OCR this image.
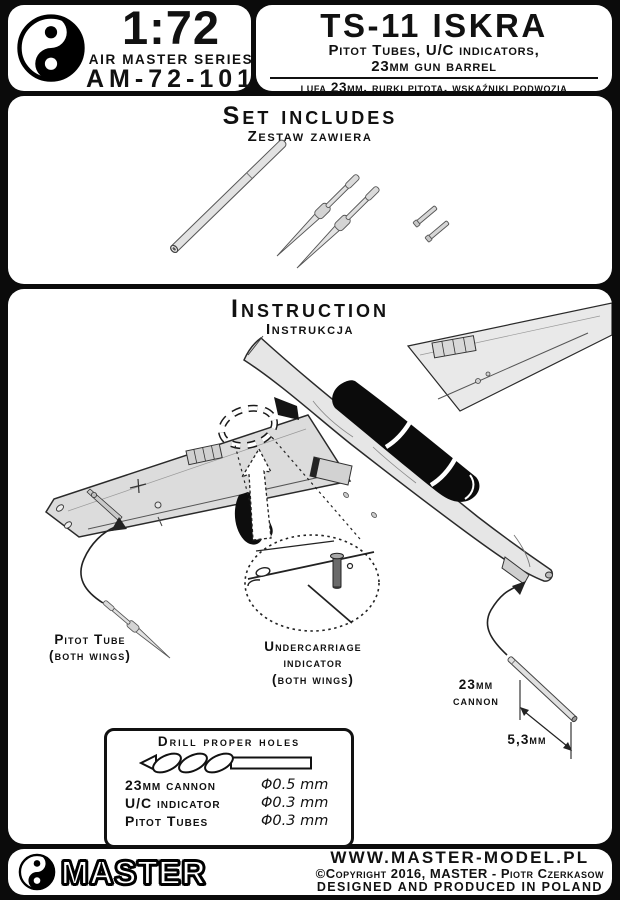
1:72
AIR MASTER SERIES
AM-72-101
TS-11 ISKRA
Pitot Tubes, U/C indicators,
23mm gun barrel
lufa 23mm, rurki pitota, wskaźniki podwozia
Set includes
Zestaw zawiera
Instruction
Instrukcja
Pitot Tube
(both wings)
Undercarriage
indicator
(both wings)	23mm
cannon
5,3mm
Drill proper holes
23mm cannon	Φ0.5 mm
U/C indicator	Φ0.3 mm
Pitot Tubes	Φ0.3 mm
MASTER	WWW.MASTER-MODEL.PL
©Copyright 2016, MASTER - Piotr Czerkasow
DESIGNED AND PRODUCED IN POLAND
